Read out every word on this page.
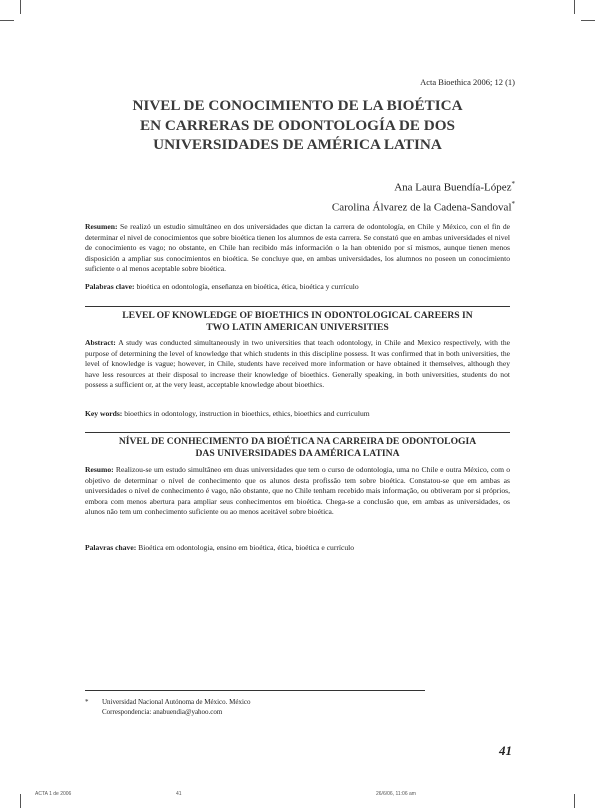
Acta Bioethica 2006; 12 (1)
NIVEL DE CONOCIMIENTO DE LA BIOÉTICA
EN CARRERAS DE ODONTOLOGÍA DE DOS
UNIVERSIDADES DE AMÉRICA LATINA
Ana Laura Buendía-López*
Carolina Álvarez de la Cadena-Sandoval*
Resumen: Se realizó un estudio simultáneo en dos universidades que dictan la carrera de odontología, en Chile y México, con el fin de determinar el nivel de conocimientos que sobre bioética tienen los alumnos de esta carrera. Se constató que en ambas universidades el nivel de conocimiento es vago; no obstante, en Chile han recibido más información o la han obtenido por sí mismos, aunque tienen menos disposición a ampliar sus conocimientos en bioética. Se concluye que, en ambas universidades, los alumnos no poseen un conocimiento suficiente o al menos aceptable sobre bioética.
Palabras clave: bioética en odontología, enseñanza en bioética, ética, bioética y currículo
LEVEL OF KNOWLEDGE OF BIOETHICS IN ODONTOLOGICAL CAREERS IN
TWO LATIN AMERICAN UNIVERSITIES
Abstract: A study was conducted simultaneously in two universities that teach odontology, in Chile and Mexico respectively, with the purpose of determining the level of knowledge that which students in this discipline possess. It was confirmed that in both universities, the level of knowledge is vague; however, in Chile, students have received more information or have obtained it themselves, although they have less resources at their disposal to increase their knowledge of bioethics. Generally speaking, in both universities, students do not possess a sufficient or, at the very least, acceptable knowledge about bioethics.
Key words: bioethics in odontology, instruction in bioethics, ethics, bioethics and curriculum
NÍVEL DE CONHECIMENTO DA BIOÉTICA NA CARREIRA DE ODONTOLOGIA
DAS UNIVERSIDADES DA AMÉRICA LATINA
Resumo: Realizou-se um estudo simultâneo em duas universidades que tem o curso de odontologia, uma no Chile e outra México, com o objetivo de determinar o nível de conhecimento que os alunos desta profissão tem sobre bioética. Constatou-se que em ambas as universidades o nível de conhecimento é vago, não obstante, que no Chile tenham recebido mais informação, ou obtiveram por si próprios, embora com menos abertura para ampliar seus conhecimentos em bioética. Chega-se a conclusão que, em ambas as universidades, os alunos não tem um conhecimento suficiente ou ao menos aceitável sobre bioética.
Palavras chave: Bioética em odontologia, ensino em bioética, ética, bioética e currículo
* Universidad Nacional Autónoma de México. México
Correspondencia: anabuendia@yahoo.com
41
ACTA 1 de 2006	41	26/6/06, 11:06 am
